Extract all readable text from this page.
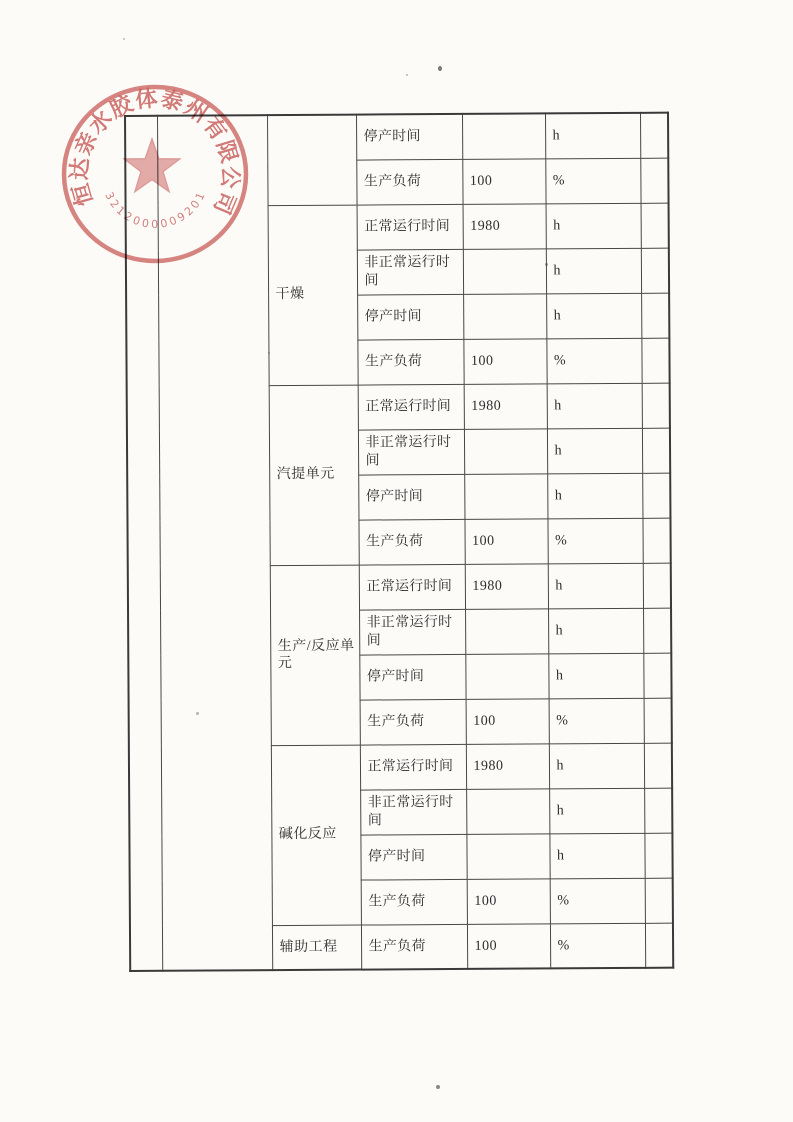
			停产时间		h	
			生产负荷	100	%	
		干燥	正常运行时间	1980	h	
			非正常运行时间		h	
			停产时间		h	
			生产负荷	100	%	
		汽提单元	正常运行时间	1980	h	
			非正常运行时间		h	
			停产时间		h	
			生产负荷	100	%	
		生产/反应单元	正常运行时间	1980	h	
			非正常运行时间		h	
			停产时间		h	
			生产负荷	100	%	
		碱化反应	正常运行时间	1980	h	
			非正常运行时间		h	
			停产时间		h	
			生产负荷	100	%	
		辅助工程	生产负荷	100	%	
恒达亲水胶体泰州有限公司
3212000009201
